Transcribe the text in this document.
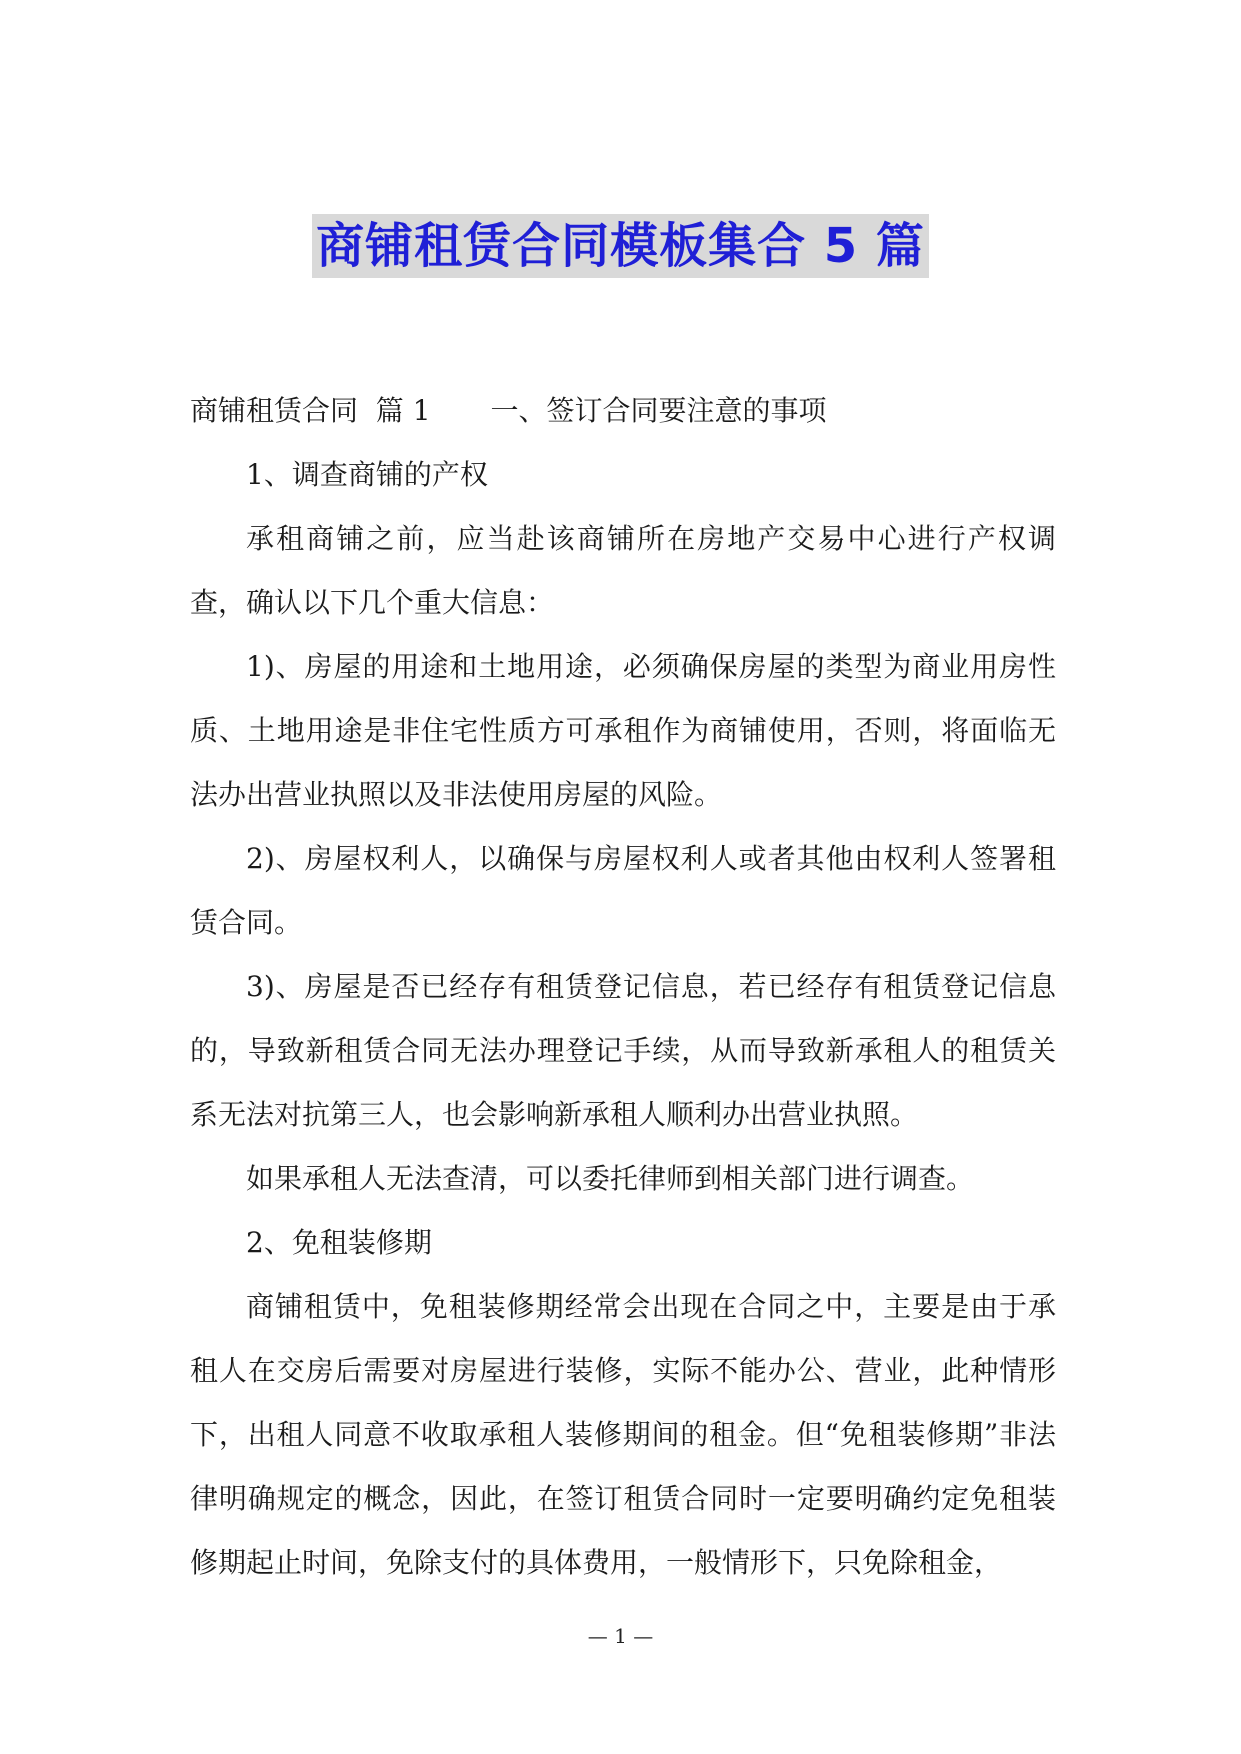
商铺租赁合同模板集合 5 篇

商铺租赁合同  篇 1 一、签订合同要注意的事项

1、调查商铺的产权

承租商铺之前，应当赴该商铺所在房地产交易中心进行产权调查，确认以下几个重大信息：

1)、房屋的用途和土地用途，必须确保房屋的类型为商业用房性质、土地用途是非住宅性质方可承租作为商铺使用，否则，将面临无法办出营业执照以及非法使用房屋的风险。

2)、房屋权利人，以确保与房屋权利人或者其他由权利人签署租赁合同。

3)、房屋是否已经存有租赁登记信息，若已经存有租赁登记信息的，导致新租赁合同无法办理登记手续，从而导致新承租人的租赁关系无法对抗第三人，也会影响新承租人顺利办出营业执照。

如果承租人无法查清，可以委托律师到相关部门进行调查。

2、免租装修期

商铺租赁中，免租装修期经常会出现在合同之中，主要是由于承租人在交房后需要对房屋进行装修，实际不能办公、营业，此种情形下，出租人同意不收取承租人装修期间的租金。但“免租装修期”非法律明确规定的概念，因此，在签订租赁合同时一定要明确约定免租装修期起止时间，免除支付的具体费用，一般情形下，只免除租金，

— 1 —
